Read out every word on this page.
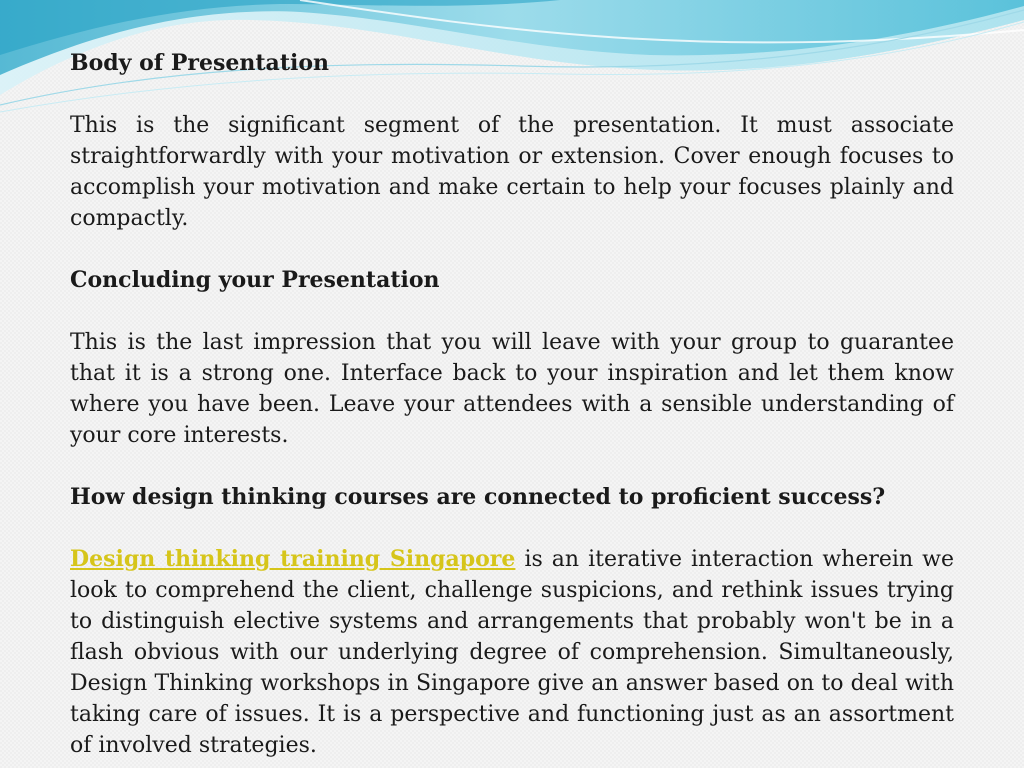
Body of Presentation

This is the significant segment of the presentation. It must associate straightforwardly with your motivation or extension. Cover enough focuses to accomplish your motivation and make certain to help your focuses plainly and compactly.

Concluding your Presentation

This is the last impression that you will leave with your group to guarantee that it is a strong one. Interface back to your inspiration and let them know where you have been. Leave your attendees with a sensible understanding of your core interests.

How design thinking courses are connected to proficient success?

Design thinking training Singapore is an iterative interaction wherein we look to comprehend the client, challenge suspicions, and rethink issues trying to distinguish elective systems and arrangements that probably won't be in a flash obvious with our underlying degree of comprehension. Simultaneously, Design Thinking workshops in Singapore give an answer based on to deal with taking care of issues. It is a perspective and functioning just as an assortment of involved strategies.
